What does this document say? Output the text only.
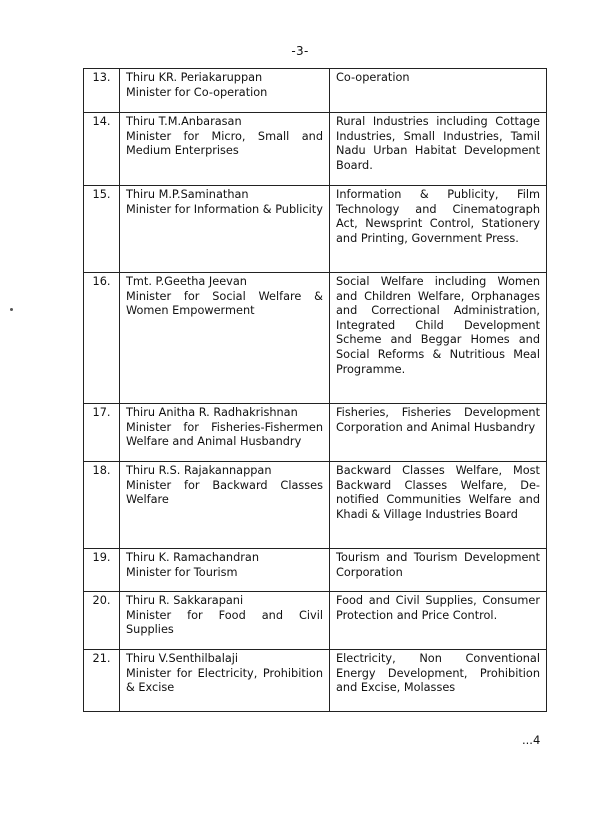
-3-
13.	Thiru KR. Periakaruppan
Minister for Co-operation	Co-operation

14.	Thiru T.M.Anbarasan
Minister for Micro, Small and Medium Enterprises	Rural Industries including Cottage Industries, Small Industries, Tamil Nadu Urban Habitat Development Board.

15.	Thiru M.P.Saminathan
Minister for Information & Publicity	Information & Publicity, Film Technology and Cinematograph Act, Newsprint Control, Stationery and Printing, Government Press.

16.	Tmt. P.Geetha Jeevan
Minister for Social Welfare & Women Empowerment	Social Welfare including Women and Children Welfare, Orphanages and Correctional Administration, Integrated Child Development Scheme and Beggar Homes and Social Reforms & Nutritious Meal Programme.

17.	Thiru Anitha R. Radhakrishnan
Minister for Fisheries-Fishermen Welfare and Animal Husbandry	Fisheries, Fisheries Development Corporation and Animal Husbandry

18.	Thiru R.S. Rajakannappan
Minister for Backward Classes Welfare	Backward Classes Welfare, Most Backward Classes Welfare, De-notified Communities Welfare and Khadi & Village Industries Board

19.	Thiru K. Ramachandran
Minister for Tourism	Tourism and Tourism Development Corporation

20.	Thiru R. Sakkarapani
Minister for Food and Civil Supplies	Food and Civil Supplies, Consumer Protection and Price Control.

21.	Thiru V.Senthilbalaji
Minister for Electricity, Prohibition & Excise	Electricity, Non Conventional Energy Development, Prohibition and Excise, Molasses
...4
